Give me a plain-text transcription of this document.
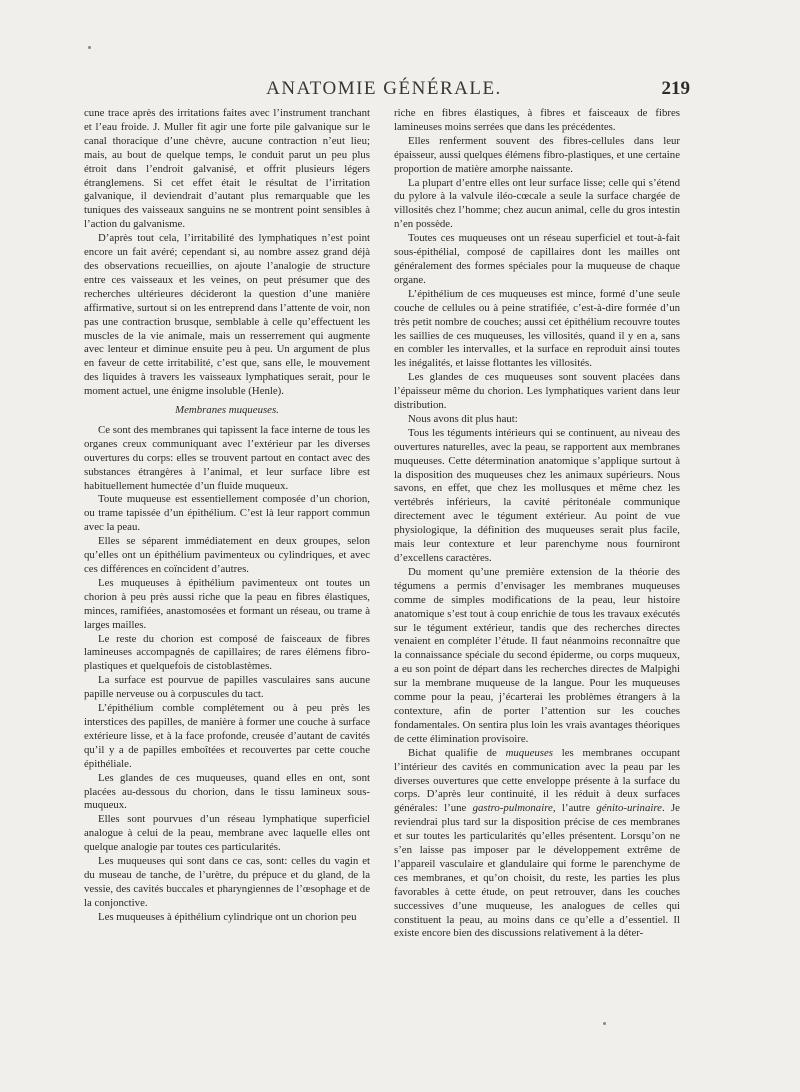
ANATOMIE GÉNÉRALE.	219

cune trace après des irritations faites avec l’instrument tranchant et l’eau froide. J. Muller fit agir une forte pile galvanique sur le canal thoracique d’une chèvre, aucune contraction n’eut lieu; mais, au bout de quelque temps, le conduit parut un peu plus étroit dans l’endroit galvanisé, et offrit plusieurs légers étranglemens. Si cet effet était le résultat de l’irritation galvanique, il deviendrait d’autant plus remarquable que les tuniques des vaisseaux sanguins ne se montrent point sensibles à l’action du galvanisme.

D’après tout cela, l’irritabilité des lymphatiques n’est point encore un fait avéré; cependant si, au nombre assez grand déjà des observations recueillies, on ajoute l’analogie de structure entre ces vaisseaux et les veines, on peut présumer que des recherches ultérieures décideront la question d’une manière affirmative, surtout si on les entreprend dans l’attente de voir, non pas une contraction brusque, semblable à celle qu’effectuent les muscles de la vie animale, mais un resserrement qui augmente avec lenteur et diminue ensuite peu à peu. Un argument de plus en faveur de cette irritabilité, c’est que, sans elle, le mouvement des liquides à travers les vaisseaux lymphatiques serait, pour le moment actuel, une énigme insoluble (Henle).

Membranes muqueuses.

Ce sont des membranes qui tapissent la face interne de tous les organes creux communiquant avec l’extérieur par les diverses ouvertures du corps: elles se trouvent partout en contact avec des substances étrangères à l’animal, et leur surface libre est habituellement humectée d’un fluide muqueux.

Toute muqueuse est essentiellement composée d’un chorion, ou trame tapissée d’un épithélium. C’est là leur rapport commun avec la peau.

Elles se séparent immédiatement en deux groupes, selon qu’elles ont un épithélium pavimenteux ou cylindriques, et avec ces différences en coïncident d’autres.

Les muqueuses à épithélium pavimenteux ont toutes un chorion à peu près aussi riche que la peau en fibres élastiques, minces, ramifiées, anastomosées et formant un réseau, ou trame à larges mailles.

Le reste du chorion est composé de faisceaux de fibres lamineuses accompagnés de capillaires; de rares élémens fibro-plastiques et quelquefois de cistoblastèmes.

La surface est pourvue de papilles vasculaires sans aucune papille nerveuse ou à corpuscules du tact.

L’épithélium comble complétement ou à peu près les interstices des papilles, de manière à former une couche à surface extérieure lisse, et à la face profonde, creusée d’autant de cavités qu’il y a de papilles emboîtées et recouvertes par cette couche épithéliale.

Les glandes de ces muqueuses, quand elles en ont, sont placées au-dessous du chorion, dans le tissu lamineux sous-muqueux.

Elles sont pourvues d’un réseau lymphatique superficiel analogue à celui de la peau, membrane avec laquelle elles ont quelque analogie par toutes ces particularités.

Les muqueuses qui sont dans ce cas, sont: celles du vagin et du museau de tanche, de l’urètre, du prépuce et du gland, de la vessie, des cavités buccales et pharyngiennes de l’œsophage et de la conjonctive.

Les muqueuses à épithélium cylindrique ont un chorion peu

riche en fibres élastiques, à fibres et faisceaux de fibres lamineuses moins serrées que dans les précédentes.

Elles renferment souvent des fibres-cellules dans leur épaisseur, aussi quelques élémens fibro-plastiques, et une certaine proportion de matière amorphe naissante.

La plupart d’entre elles ont leur surface lisse; celle qui s’étend du pylore à la valvule iléo-cœcale a seule la surface chargée de villosités chez l’homme; chez aucun animal, celle du gros intestin n’en possède.

Toutes ces muqueuses ont un réseau superficiel et tout-à-fait sous-épithélial, composé de capillaires dont les mailles ont généralement des formes spéciales pour la muqueuse de chaque organe.

L’épithélium de ces muqueuses est mince, formé d’une seule couche de cellules ou à peine stratifiée, c’est-à-dire formée d’un très petit nombre de couches; aussi cet épithélium recouvre toutes les saillies de ces muqueuses, les villosités, quand il y en a, sans en combler les intervalles, et la surface en reproduit ainsi toutes les inégalités, et laisse flottantes les villosités.

Les glandes de ces muqueuses sont souvent placées dans l’épaisseur même du chorion. Les lymphatiques varient dans leur distribution.

Nous avons dit plus haut:

Tous les téguments intérieurs qui se continuent, au niveau des ouvertures naturelles, avec la peau, se rapportent aux membranes muqueuses. Cette détermination anatomique s’applique surtout à la disposition des muqueuses chez les animaux supérieurs. Nous savons, en effet, que chez les mollusques et même chez les vertébrés inférieurs, la cavité péritonéale communique directement avec le tégument extérieur. Au point de vue physiologique, la définition des muqueuses serait plus facile, mais leur contexture et leur parenchyme nous fourniront d’excellens caractères.

Du moment qu’une première extension de la théorie des tégumens a permis d’envisager les membranes muqueuses comme de simples modifications de la peau, leur histoire anatomique s’est tout à coup enrichie de tous les travaux exécutés sur le tégument extérieur, tandis que des recherches directes venaient en compléter l’étude. Il faut néanmoins reconnaître que la connaissance spéciale du second épiderme, ou corps muqueux, a eu son point de départ dans les recherches directes de Malpighi sur la membrane muqueuse de la langue. Pour les muqueuses comme pour la peau, j’écarterai les problèmes étrangers à la contexture, afin de porter l’attention sur les couches fondamentales. On sentira plus loin les vrais avantages théoriques de cette élimination provisoire.

Bichat qualifie de muqueuses les membranes occupant l’intérieur des cavités en communication avec la peau par les diverses ouvertures que cette enveloppe présente à la surface du corps. D’après leur continuité, il les réduit à deux surfaces générales: l’une gastro-pulmonaire, l’autre génito-urinaire. Je reviendrai plus tard sur la disposition précise de ces membranes et sur toutes les particularités qu’elles présentent. Lorsqu’on ne s’en laisse pas imposer par le développement extrême de l’appareil vasculaire et glandulaire qui forme le parenchyme de ces membranes, et qu’on choisit, du reste, les parties les plus favorables à cette étude, on peut retrouver, dans les couches successives d’une muqueuse, les analogues de celles qui constituent la peau, au moins dans ce qu’elle a d’essentiel. Il existe encore bien des discussions relativement à la déter-
